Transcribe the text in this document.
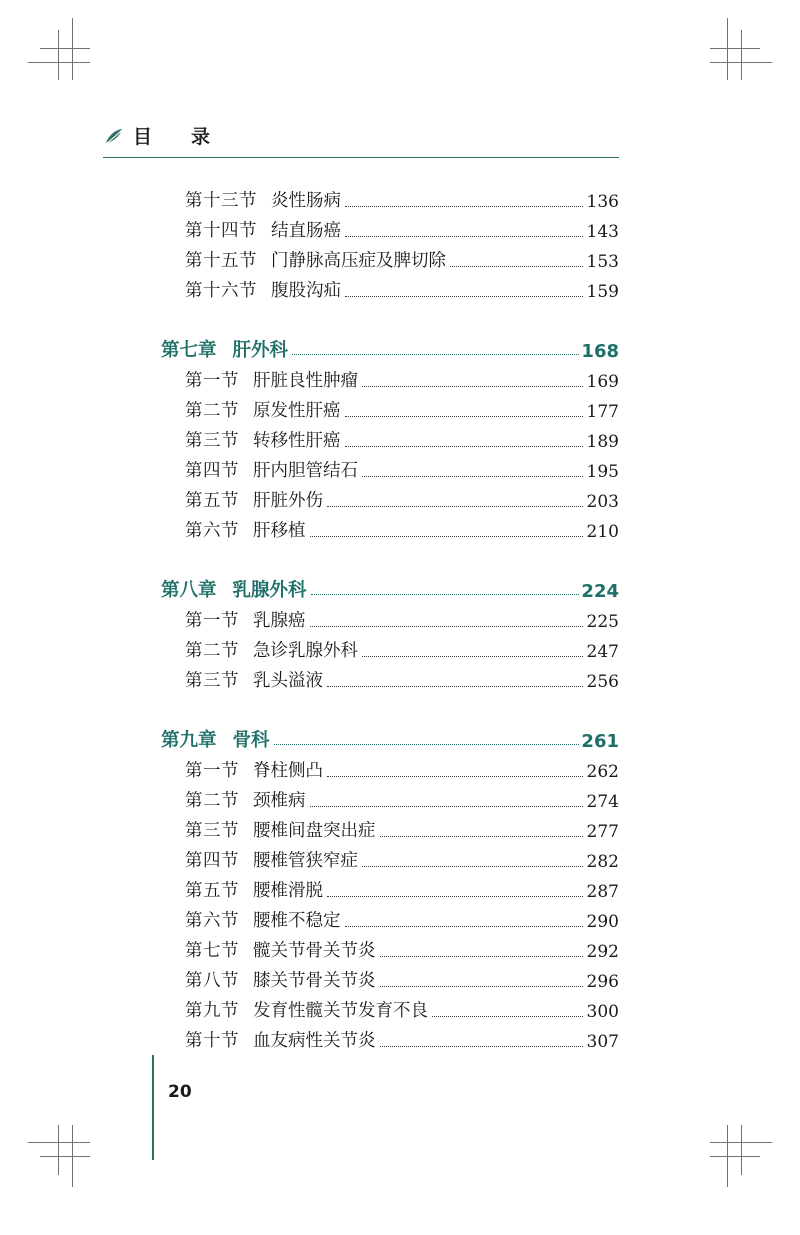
目　录
第十三节 炎性肠病	136
第十四节 结直肠癌	143
第十五节 门静脉高压症及脾切除	153
第十六节 腹股沟疝	159
第七章 肝外科	168
第一节 肝脏良性肿瘤	169
第二节 原发性肝癌	177
第三节 转移性肝癌	189
第四节 肝内胆管结石	195
第五节 肝脏外伤	203
第六节 肝移植	210
第八章 乳腺外科	224
第一节 乳腺癌	225
第二节 急诊乳腺外科	247
第三节 乳头溢液	256
第九章 骨科	261
第一节 脊柱侧凸	262
第二节 颈椎病	274
第三节 腰椎间盘突出症	277
第四节 腰椎管狭窄症	282
第五节 腰椎滑脱	287
第六节 腰椎不稳定	290
第七节 髋关节骨关节炎	292
第八节 膝关节骨关节炎	296
第九节 发育性髋关节发育不良	300
第十节 血友病性关节炎	307
20
